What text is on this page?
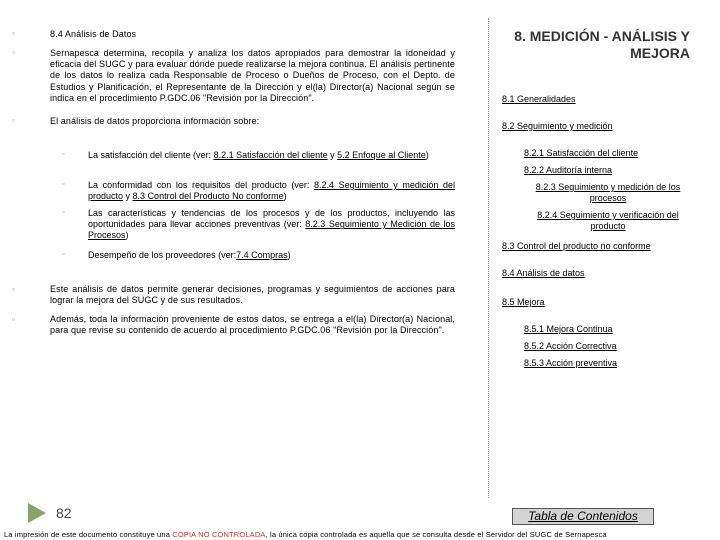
▫	8.4 Análisis de Datos
▫	Sernapesca determina, recopila y analiza los datos apropiados para demostrar la idoneidad y eficacia del SUGC y para evaluar dónde puede realizarse la mejora continua. El análisis pertinente de los datos lo realiza cada Responsable de Proceso o Dueños de Proceso, con el Depto. de Estudios y Planificación, el Representante de la Dirección y el(la) Director(a) Nacional según se indica en el procedimiento P.GDC.06 "Revisión por la Dirección".
▫	El análisis de datos proporciona información sobre:
▫	La satisfacción del cliente (ver: 8.2.1 Satisfacción del cliente y 5.2 Enfoque al Cliente)
▫	La conformidad con los requisitos del producto (ver: 8.2.4 Seguimiento y medición del producto y 8.3 Control del Producto No conforme)
▫	Las características y tendencias de los procesos y de los productos, incluyendo las oportunidades para llevar acciones preventivas (ver: 8.2.3 Seguimiento y Medición de los Procesos)
▫	Desempeño de los proveedores (ver:7.4 Compras)
▫	Este análisis de datos permite generar decisiones, programas y seguimientos de acciones para lograr la mejora del SUGC y de sus resultados.
▫	Además, toda la información proveniente de estos datos, se entrega a el(la) Director(a) Nacional, para que revise su contenido de acuerdo al procedimiento P.GDC.06 "Revisión por la Dirección".
8. MEDICIÓN - ANÁLISIS Y MEJORA
8.1 Generalidades
8.2 Seguimiento y medición
8.2.1 Satisfacción del cliente
8.2.2 Auditoría interna
8.2.3 Seguimiento y medición de los procesos
8.2.4 Seguimiento y verificación del producto
8.3 Control del producto no conforme
8.4 Análisis de datos
8.5 Mejora
8.5.1 Mejora Continua
8.5.2 Acción Correctiva
8.5.3 Acción preventiva
82	Tabla de Contenidos
La impresión de este documento constituye una COPIA NO CONTROLADA, la única copia controlada es aquella que se consulta desde el Servidor del SUGC de Sernapesca
